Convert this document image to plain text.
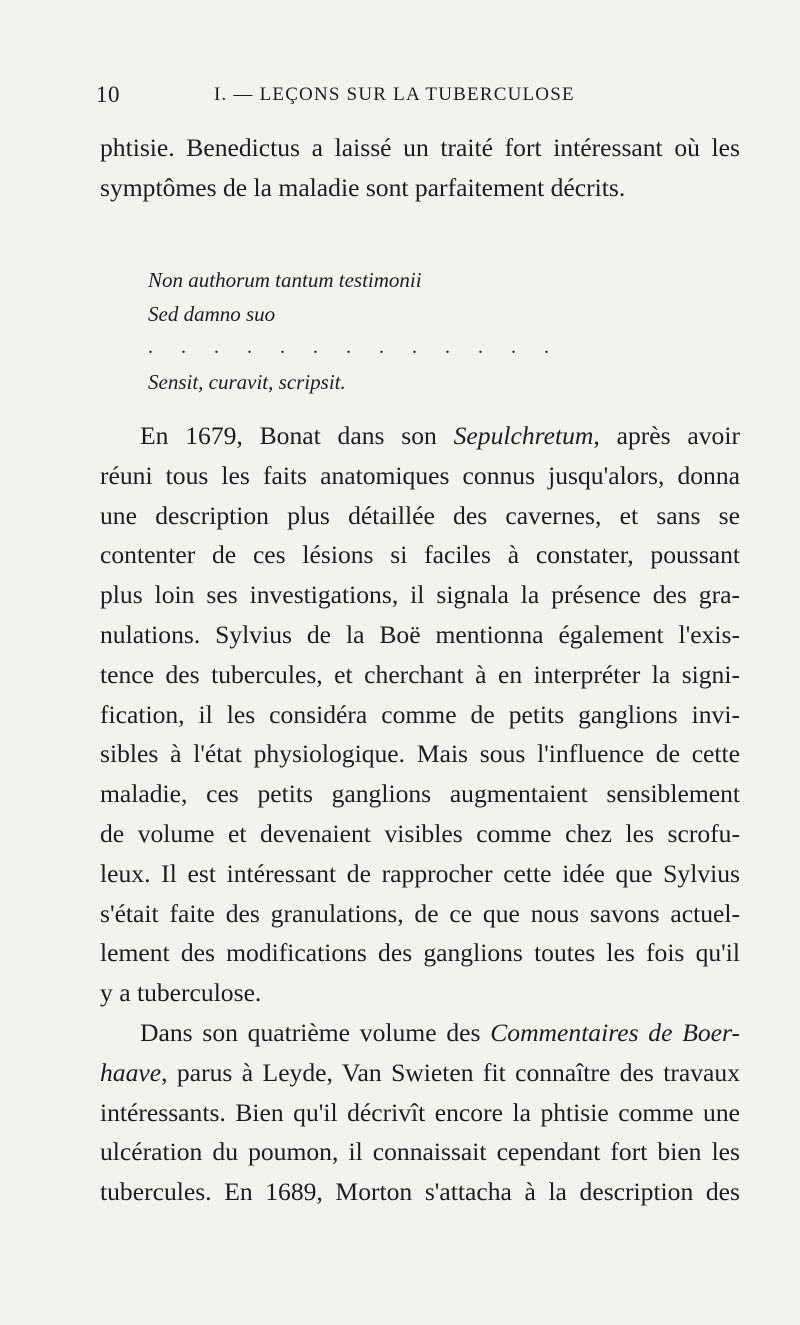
10	I. — LEÇONS SUR LA TUBERCULOSE
phtisie. Benedictus a laissé un traité fort intéressant où les
symptômes de la maladie sont parfaitement décrits.
Non authorum tantum testimonii
Sed damno suo
. . . . . . . . . . . . .
Sensit, curavit, scripsit.
En 1679, Bonat dans son Sepulchretum, après avoir
réuni tous les faits anatomiques connus jusqu'alors, donna
une description plus détaillée des cavernes, et sans se
contenter de ces lésions si faciles à constater, poussant
plus loin ses investigations, il signala la présence des gra-
nulations. Sylvius de la Boë mentionna également l'exis-
tence des tubercules, et cherchant à en interpréter la signi-
fication, il les considéra comme de petits ganglions invi-
sibles à l'état physiologique. Mais sous l'influence de cette
maladie, ces petits ganglions augmentaient sensiblement
de volume et devenaient visibles comme chez les scrofu-
leux. Il est intéressant de rapprocher cette idée que Sylvius
s'était faite des granulations, de ce que nous savons actuel-
lement des modifications des ganglions toutes les fois qu'il
y a tuberculose.
Dans son quatrième volume des Commentaires de Boer-
haave, parus à Leyde, Van Swieten fit connaître des travaux
intéressants. Bien qu'il décrivît encore la phtisie comme une
ulcération du poumon, il connaissait cependant fort bien les
tubercules. En 1689, Morton s'attacha à la description des
